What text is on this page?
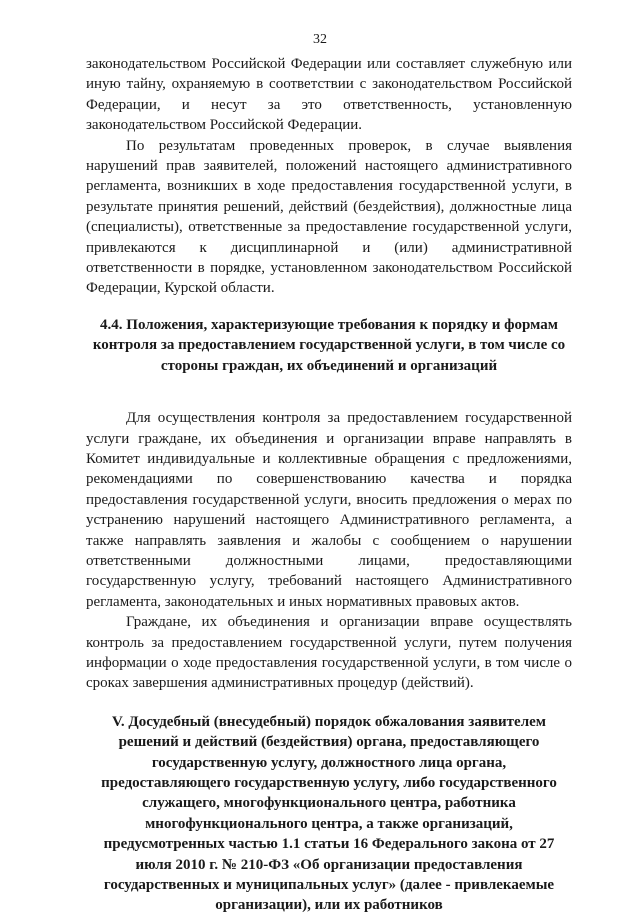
32

законодательством Российской Федерации или составляет служебную или иную тайну, охраняемую в соответствии с законодательством Российской Федерации, и несут за это ответственность, установленную законодательством Российской Федерации.

По результатам проведенных проверок, в случае выявления нарушений прав заявителей, положений настоящего административного регламента, возникших в ходе предоставления государственной услуги, в результате принятия решений, действий (бездействия), должностные лица (специалисты), ответственные за предоставление государственной услуги, привлекаются к дисциплинарной и (или) административной ответственности в порядке, установленном законодательством Российской Федерации, Курской области.

4.4. Положения, характеризующие требования к порядку и формам контроля за предоставлением государственной услуги, в том числе со стороны граждан, их объединений и организаций

Для осуществления контроля за предоставлением государственной услуги граждане, их объединения и организации вправе направлять в Комитет индивидуальные и коллективные обращения с предложениями, рекомендациями по совершенствованию качества и порядка предоставления государственной услуги, вносить предложения о мерах по устранению нарушений настоящего Административного регламента, а также направлять заявления и жалобы с сообщением о нарушении ответственными должностными лицами, предоставляющими государственную услугу, требований настоящего Административного регламента, законодательных и иных нормативных правовых актов.

Граждане, их объединения и организации вправе осуществлять контроль за предоставлением государственной услуги, путем получения информации о ходе предоставления государственной услуги, в том числе о сроках завершения административных процедур (действий).

V. Досудебный (внесудебный) порядок обжалования заявителем решений и действий (бездействия) органа, предоставляющего государственную услугу, должностного лица органа, предоставляющего государственную услугу, либо государственного служащего, многофункционального центра, работника многофункционального центра, а также организаций, предусмотренных частью 1.1 статьи 16 Федерального закона от 27 июля 2010 г. № 210-ФЗ «Об организации предоставления государственных и муниципальных услуг» (далее - привлекаемые организации), или их работников
